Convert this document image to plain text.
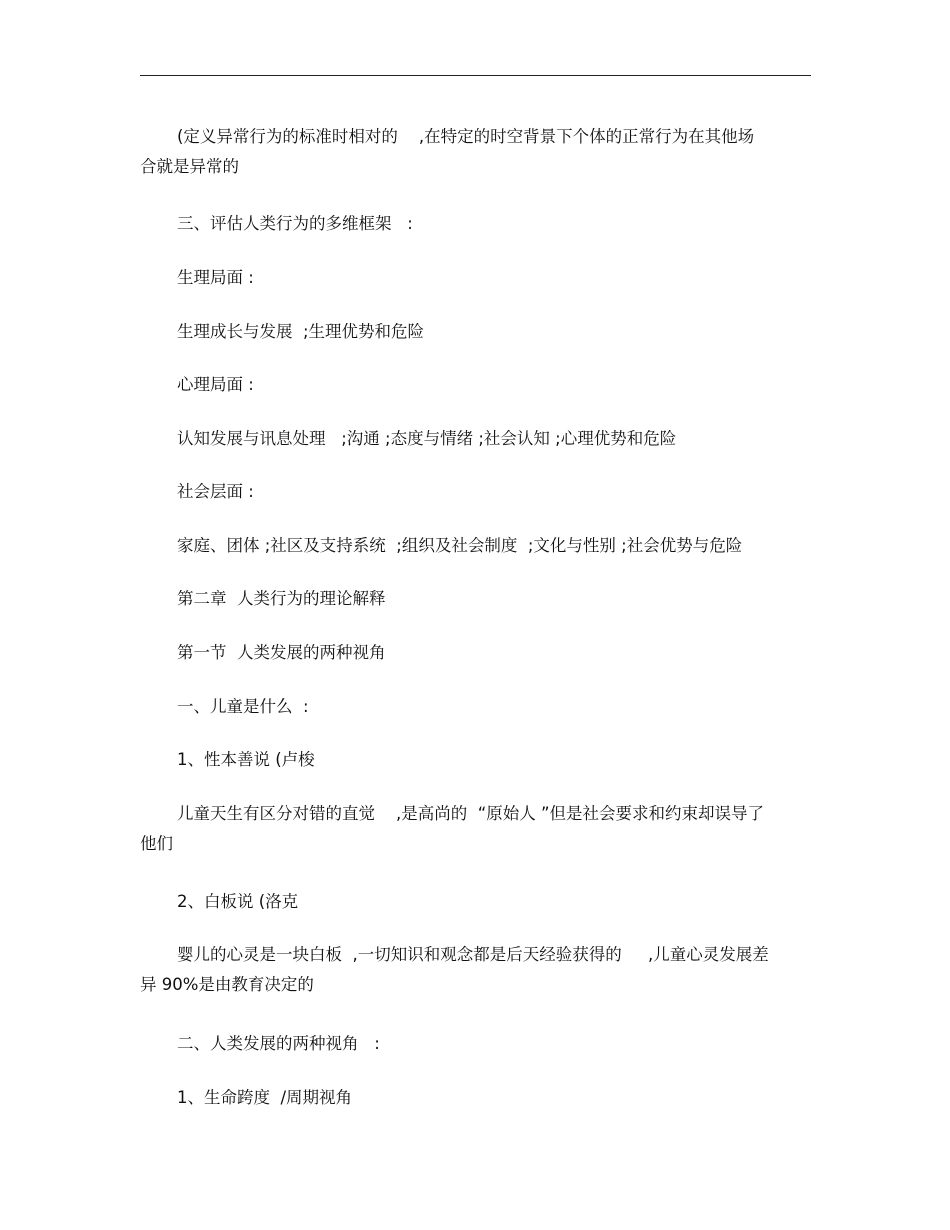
(定义异常行为的标准时相对的    ,在特定的时空背景下个体的正常行为在其他场
合就是异常的

三、评估人类行为的多维框架   :

生理局面 :

生理成长与发展  ;生理优势和危险

心理局面 :

认知发展与讯息处理   ;沟通 ;态度与情绪 ;社会认知 ;心理优势和危险

社会层面 :

家庭、团体 ;社区及支持系统  ;组织及社会制度  ;文化与性别 ;社会优势与危险

第二章  人类行为的理论解释

第一节  人类发展的两种视角

一、儿童是什么  :

1、性本善说 (卢梭

儿童天生有区分对错的直觉    ,是高尚的  “原始人 ”但是社会要求和约束却误导了
他们

2、白板说 (洛克

婴儿的心灵是一块白板  ,一切知识和观念都是后天经验获得的     ,儿童心灵发展差
异 90%是由教育决定的

二、人类发展的两种视角   :

1、生命跨度  /周期视角
